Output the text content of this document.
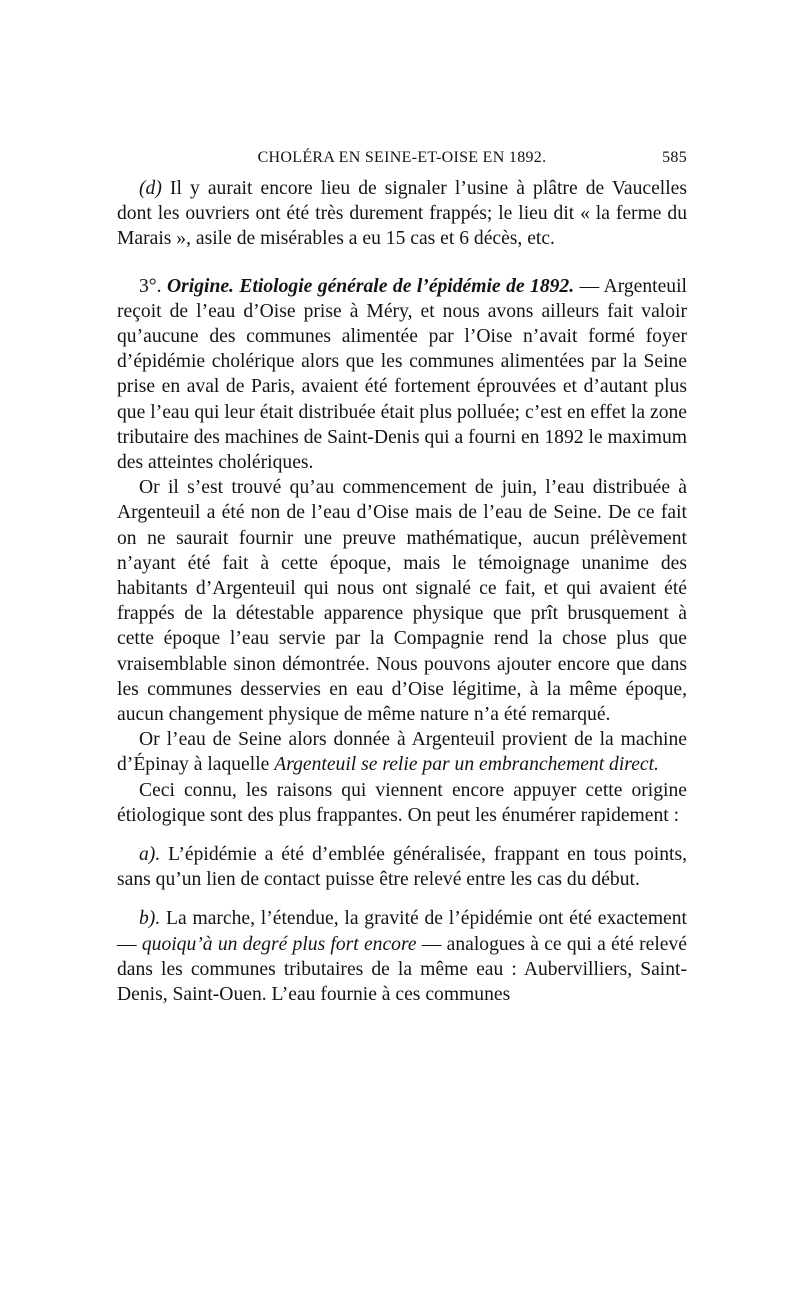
CHOLÉRA EN SEINE-ET-OISE EN 1892.	585

(d) Il y aurait encore lieu de signaler l’usine à plâtre de Vaucelles dont les ouvriers ont été très durement frappés; le lieu dit « la ferme du Marais », asile de misérables a eu 15 cas et 6 décès, etc.

3°. Origine. Etiologie générale de l’épidémie de 1892. — Argenteuil reçoit de l’eau d’Oise prise à Méry, et nous avons ailleurs fait valoir qu’aucune des communes alimentée par l’Oise n’avait formé foyer d’épidémie cholérique alors que les communes alimentées par la Seine prise en aval de Paris, avaient été fortement éprouvées et d’autant plus que l’eau qui leur était distribuée était plus polluée; c’est en effet la zone tributaire des machines de Saint-Denis qui a fourni en 1892 le maximum des atteintes cholériques.

Or il s’est trouvé qu’au commencement de juin, l’eau distribuée à Argenteuil a été non de l’eau d’Oise mais de l’eau de Seine. De ce fait on ne saurait fournir une preuve mathématique, aucun prélèvement n’ayant été fait à cette époque, mais le témoignage unanime des habitants d’Argenteuil qui nous ont signalé ce fait, et qui avaient été frappés de la détestable apparence physique que prît brusquement à cette époque l’eau servie par la Compagnie rend la chose plus que vraisemblable sinon démontrée. Nous pouvons ajouter encore que dans les communes desservies en eau d’Oise légitime, à la même époque, aucun changement physique de même nature n’a été remarqué.

Or l’eau de Seine alors donnée à Argenteuil provient de la machine d’Épinay à laquelle Argenteuil se relie par un embranchement direct.

Ceci connu, les raisons qui viennent encore appuyer cette origine étiologique sont des plus frappantes. On peut les énumérer rapidement :

a). L’épidémie a été d’emblée généralisée, frappant en tous points, sans qu’un lien de contact puisse être relevé entre les cas du début.

b). La marche, l’étendue, la gravité de l’épidémie ont été exactement — quoiqu’à un degré plus fort encore — analogues à ce qui a été relevé dans les communes tributaires de la même eau : Aubervilliers, Saint-Denis, Saint-Ouen. L’eau fournie à ces communes
